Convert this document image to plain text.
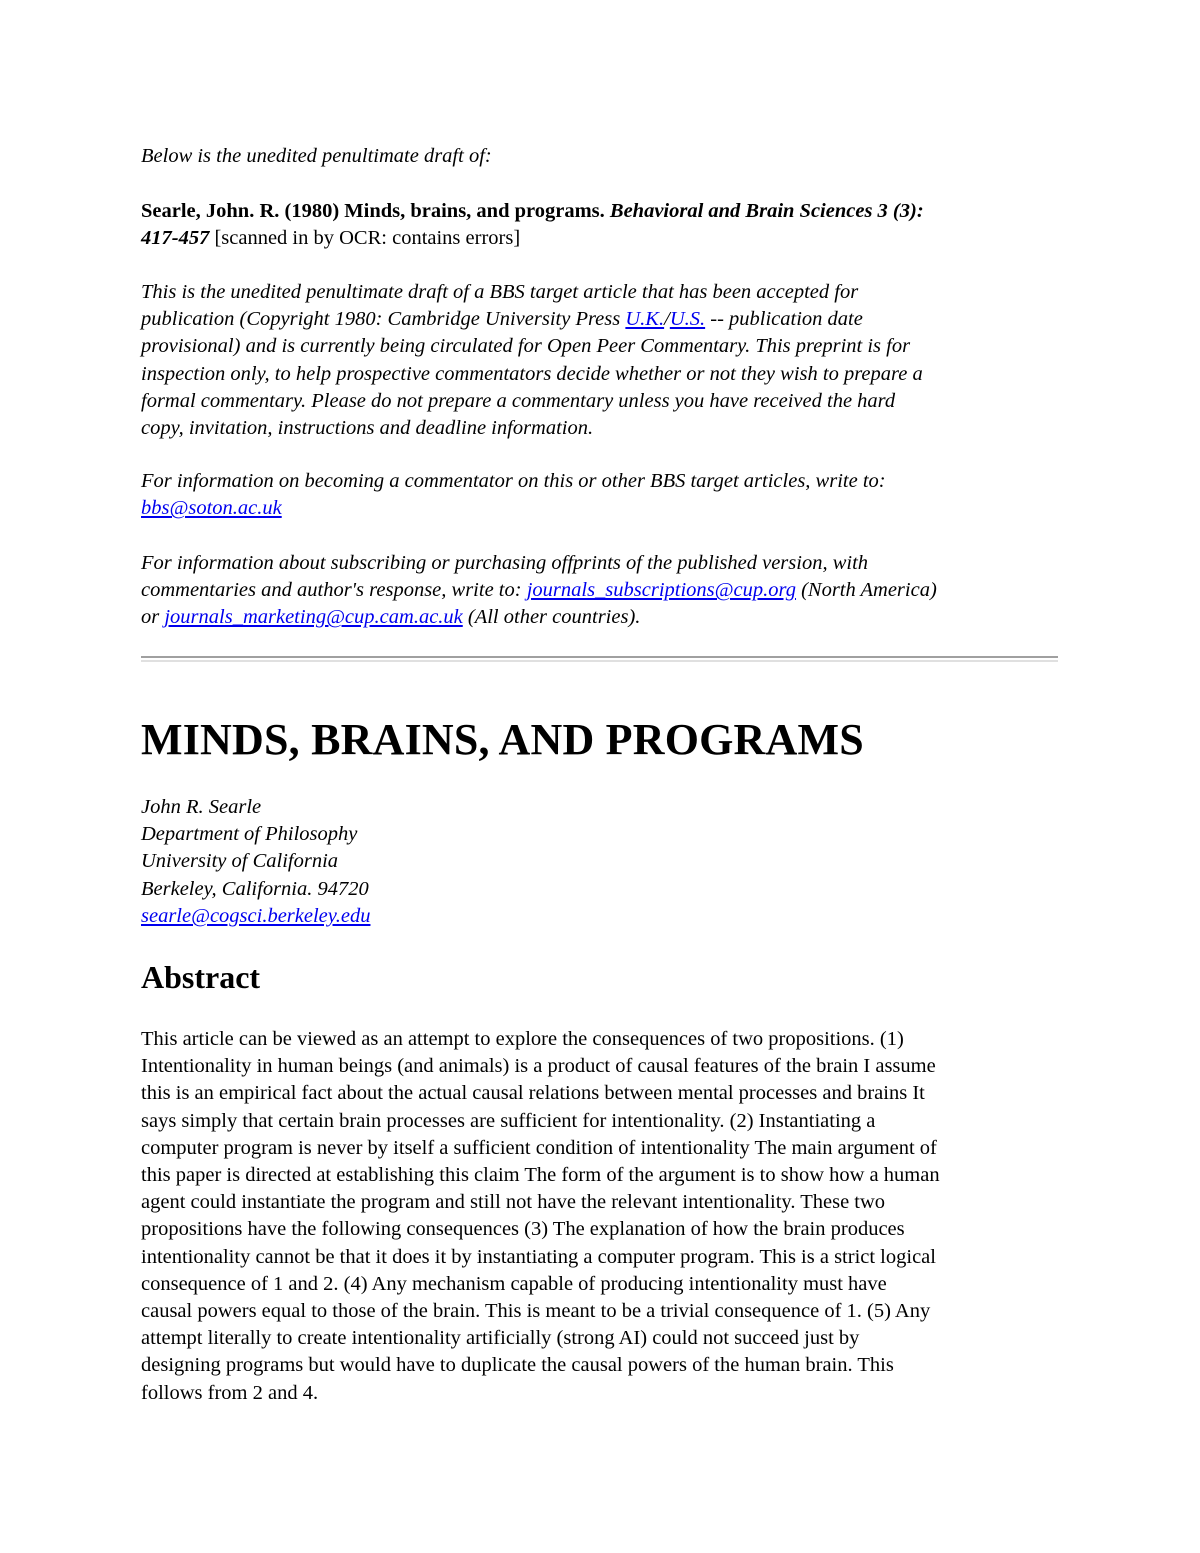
Below is the unedited penultimate draft of:

Searle, John. R. (1980) Minds, brains, and programs. Behavioral and Brain Sciences 3 (3):
417-457 [scanned in by OCR: contains errors]

This is the unedited penultimate draft of a BBS target article that has been accepted for
publication (Copyright 1980: Cambridge University Press U.K./U.S. -- publication date
provisional) and is currently being circulated for Open Peer Commentary. This preprint is for
inspection only, to help prospective commentators decide whether or not they wish to prepare a
formal commentary. Please do not prepare a commentary unless you have received the hard
copy, invitation, instructions and deadline information.

For information on becoming a commentator on this or other BBS target articles, write to:
bbs@soton.ac.uk

For information about subscribing or purchasing offprints of the published version, with
commentaries and author's response, write to: journals_subscriptions@cup.org (North America)
or journals_marketing@cup.cam.ac.uk (All other countries).

MINDS, BRAINS, AND PROGRAMS

John R. Searle
Department of Philosophy
University of California
Berkeley, California. 94720
searle@cogsci.berkeley.edu

Abstract

This article can be viewed as an attempt to explore the consequences of two propositions. (1)
Intentionality in human beings (and animals) is a product of causal features of the brain I assume
this is an empirical fact about the actual causal relations between mental processes and brains It
says simply that certain brain processes are sufficient for intentionality. (2) Instantiating a
computer program is never by itself a sufficient condition of intentionality The main argument of
this paper is directed at establishing this claim The form of the argument is to show how a human
agent could instantiate the program and still not have the relevant intentionality. These two
propositions have the following consequences (3) The explanation of how the brain produces
intentionality cannot be that it does it by instantiating a computer program. This is a strict logical
consequence of 1 and 2. (4) Any mechanism capable of producing intentionality must have
causal powers equal to those of the brain. This is meant to be a trivial consequence of 1. (5) Any
attempt literally to create intentionality artificially (strong AI) could not succeed just by
designing programs but would have to duplicate the causal powers of the human brain. This
follows from 2 and 4.
